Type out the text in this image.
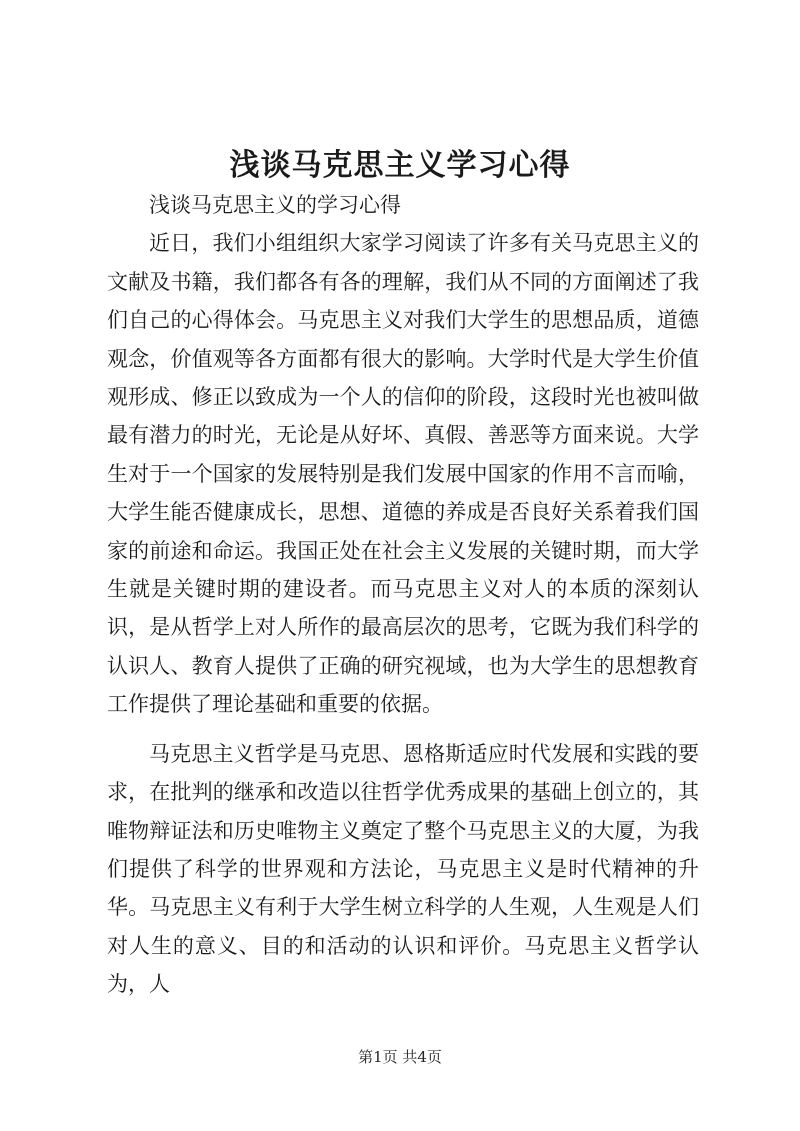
浅谈马克思主义学习心得

浅谈马克思主义的学习心得

近日，我们小组组织大家学习阅读了许多有关马克思主义的文献及书籍，我们都各有各的理解，我们从不同的方面阐述了我们自己的心得体会。马克思主义对我们大学生的思想品质，道德观念，价值观等各方面都有很大的影响。大学时代是大学生价值观形成、修正以致成为一个人的信仰的阶段，这段时光也被叫做最有潜力的时光，无论是从好坏、真假、善恶等方面来说。大学生对于一个国家的发展特别是我们发展中国家的作用不言而喻，大学生能否健康成长，思想、道德的养成是否良好关系着我们国家的前途和命运。我国正处在社会主义发展的关键时期，而大学生就是关键时期的建设者。而马克思主义对人的本质的深刻认识，是从哲学上对人所作的最高层次的思考，它既为我们科学的认识人、教育人提供了正确的研究视域，也为大学生的思想教育工作提供了理论基础和重要的依据。

马克思主义哲学是马克思、恩格斯适应时代发展和实践的要求，在批判的继承和改造以往哲学优秀成果的基础上创立的，其唯物辩证法和历史唯物主义奠定了整个马克思主义的大厦，为我们提供了科学的世界观和方法论，马克思主义是时代精神的升华。马克思主义有利于大学生树立科学的人生观，人生观是人们对人生的意义、目的和活动的认识和评价。马克思主义哲学认为，人

第1页 共4页
